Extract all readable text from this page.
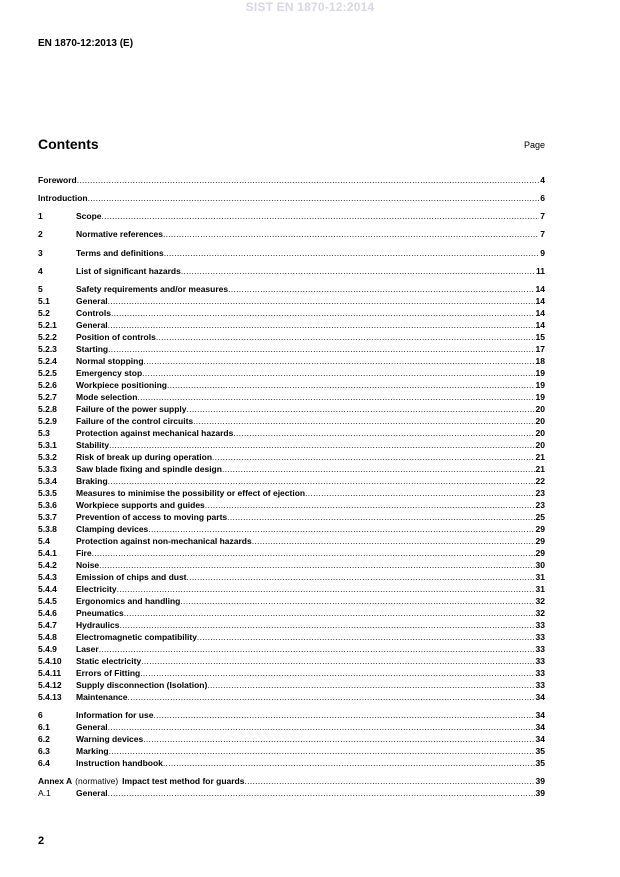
SIST EN 1870-12:2014
EN 1870-12:2013 (E)
Contents	Page
Foreword .....	4
Introduction .....	6
1	Scope .....	7
2	Normative references .....	7
3	Terms and definitions .....	9
4	List of significant hazards .....	11
5	Safety requirements and/or measures .....	14
5.1	General .....	14
5.2	Controls .....	14
5.2.1	General .....	14
5.2.2	Position of controls .....	15
5.2.3	Starting .....	17
5.2.4	Normal stopping .....	18
5.2.5	Emergency stop .....	19
5.2.6	Workpiece positioning .....	19
5.2.7	Mode selection .....	19
5.2.8	Failure of the power supply .....	20
5.2.9	Failure of the control circuits .....	20
5.3	Protection against mechanical hazards .....	20
5.3.1	Stability .....	20
5.3.2	Risk of break up during operation .....	21
5.3.3	Saw blade fixing and spindle design .....	21
5.3.4	Braking .....	22
5.3.5	Measures to minimise the possibility or effect of ejection .....	23
5.3.6	Workpiece supports and guides .....	23
5.3.7	Prevention of access to moving parts .....	25
5.3.8	Clamping devices .....	29
5.4	Protection against non-mechanical hazards .....	29
5.4.1	Fire .....	29
5.4.2	Noise .....	30
5.4.3	Emission of chips and dust .....	31
5.4.4	Electricity .....	31
5.4.5	Ergonomics and handling .....	32
5.4.6	Pneumatics .....	32
5.4.7	Hydraulics .....	33
5.4.8	Electromagnetic compatibility .....	33
5.4.9	Laser .....	33
5.4.10	Static electricity .....	33
5.4.11	Errors of Fitting .....	33
5.4.12	Supply disconnection (Isolation) .....	33
5.4.13	Maintenance .....	34
6	Information for use .....	34
6.1	General .....	34
6.2	Warning devices .....	34
6.3	Marking .....	35
6.4	Instruction handbook .....	35
Annex A (normative) Impact test method for guards .....	39
A.1	General .....	39
2
